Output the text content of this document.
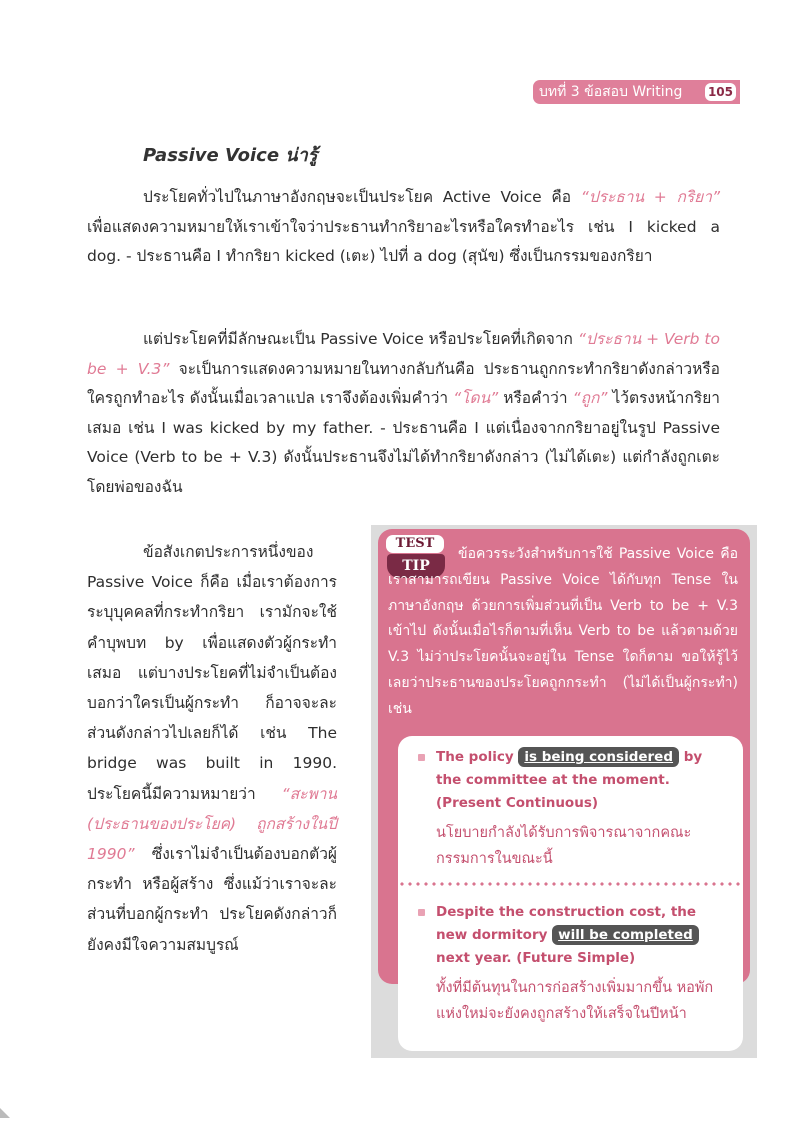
บทที่ 3 ข้อสอบ Writing 105
Passive Voice น่ารู้
ประโยคทั่วไปในภาษาอังกฤษจะเป็นประโยค Active Voice คือ “ประธาน + กริยา” เพื่อแสดงความหมายให้เราเข้าใจว่าประธานทำกริยาอะไรหรือใครทำอะไร เช่น I kicked a dog. - ประธานคือ I ทำกริยา kicked (เตะ) ไปที่ a dog (สุนัข) ซึ่งเป็นกรรมของกริยา
แต่ประโยคที่มีลักษณะเป็น Passive Voice หรือประโยคที่เกิดจาก “ประธาน + Verb to be + V.3” จะเป็นการแสดงความหมายในทางกลับกันคือ ประธานถูกกระทำกริยาดังกล่าวหรือใครถูกทำอะไร ดังนั้นเมื่อเวลาแปล เราจึงต้องเพิ่มคำว่า “โดน” หรือคำว่า “ถูก” ไว้ตรงหน้ากริยาเสมอ เช่น I was kicked by my father. - ประธานคือ I แต่เนื่องจากกริยาอยู่ในรูป Passive Voice (Verb to be + V.3) ดังนั้นประธานจึงไม่ได้ทำกริยาดังกล่าว (ไม่ได้เตะ) แต่กำลังถูกเตะโดยพ่อของฉัน
ข้อสังเกตประการหนึ่งของ Passive Voice ก็คือ เมื่อเราต้องการระบุบุคคลที่กระทำกริยา เรามักจะใช้คำบุพบท by เพื่อแสดงตัวผู้กระทำเสมอ แต่บางประโยคที่ไม่จำเป็นต้องบอกว่าใครเป็นผู้กระทำ ก็อาจจะละส่วนดังกล่าวไปเลยก็ได้ เช่น The bridge was built in 1990. ประโยคนี้มีความหมายว่า “สะพาน (ประธานของประโยค) ถูกสร้างในปี 1990” ซึ่งเราไม่จำเป็นต้องบอกตัวผู้กระทำ หรือผู้สร้าง ซึ่งแม้ว่าเราจะละส่วนที่บอกผู้กระทำ ประโยคดังกล่าวก็ยังคงมีใจความสมบูรณ์
TEST
TIP
ข้อควรระวังสำหรับการใช้ Passive Voice คือ เราสามารถเขียน Passive Voice ได้กับทุก Tense ในภาษาอังกฤษ ด้วยการเพิ่มส่วนที่เป็น Verb to be + V.3 เข้าไป ดังนั้นเมื่อไรก็ตามที่เห็น Verb to be แล้วตามด้วย V.3 ไม่ว่าประโยคนั้นจะอยู่ใน Tense ใดก็ตาม ขอให้รู้ไว้เลยว่าประธานของประโยคถูกกระทำ (ไม่ได้เป็นผู้กระทำ) เช่น
The policy is being considered by the committee at the moment. (Present Continuous)
นโยบายกำลังได้รับการพิจารณาจากคณะกรรมการในขณะนี้
Despite the construction cost, the new dormitory will be completed next year. (Future Simple)
ทั้งที่มีต้นทุนในการก่อสร้างเพิ่มมากขึ้น หอพักแห่งใหม่จะยังคงถูกสร้างให้เสร็จในปีหน้า
